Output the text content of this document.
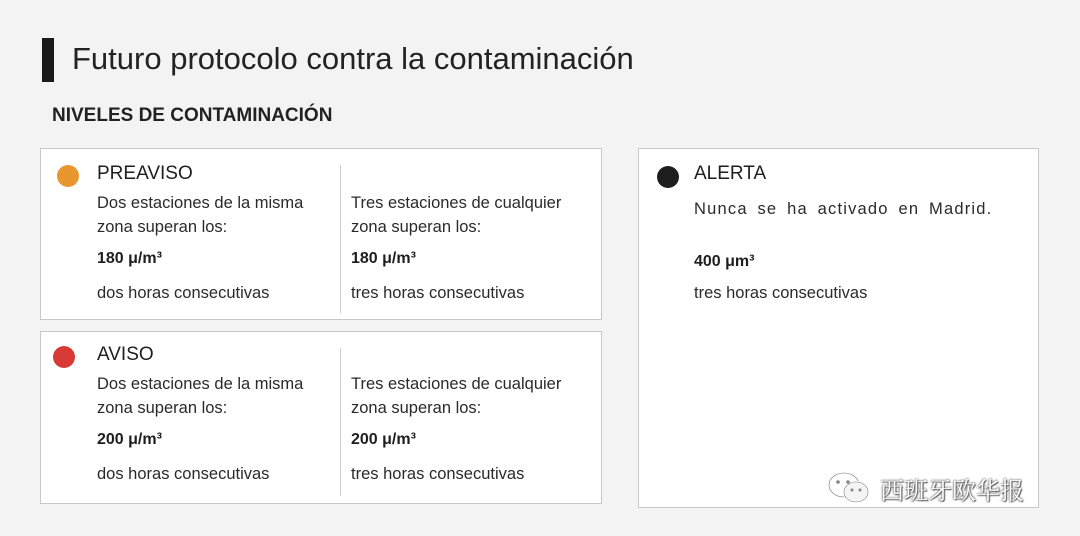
Futuro protocolo contra la contaminación
NIVELES DE CONTAMINACIÓN
PREAVISO

Dos estaciones de la misma zona superan los:

180 μ/m³

dos horas consecutivas

Tres estaciones de cualquier zona superan los:

180 μ/m³

tres horas consecutivas

AVISO

Dos estaciones de la misma zona superan los:

200 μ/m³

dos horas consecutivas

Tres estaciones de cualquier zona superan los:

200 μ/m³

tres horas consecutivas

ALERTA
Nunca se ha activado en Madrid.
400 μm³
tres horas consecutivas
西班牙欧华报
